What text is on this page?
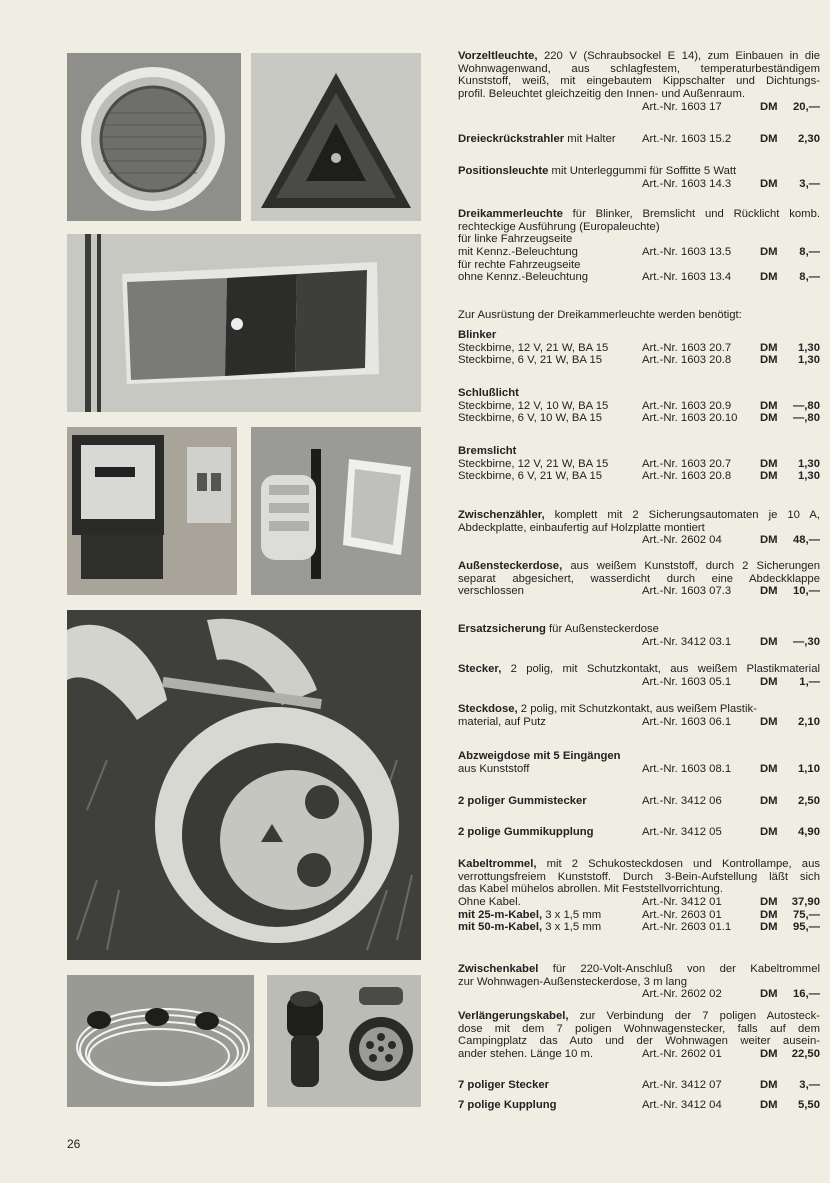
Vorzeltleuchte, 220 V (Schraubsockel E 14), zum Einbauen in die
Wohnwagenwand, aus schlagfestem, temperaturbeständigem
Kunststoff, weiß, mit eingebautem Kippschalter und Dichtungs-
profil. Beleuchtet gleichzeitig den Innen- und Außenraum.
Art.-Nr. 1603 17	DM 20,—
Dreieckrückstrahler mit Halter Art.-Nr. 1603 15.2	DM 2,30
Positionsleuchte mit Unterleggummi für Soffitte 5 Watt
Art.-Nr. 1603 14.3	DM 3,—
Dreikammerleuchte für Blinker, Bremslicht und Rücklicht komb.
rechteckige Ausführung (Europaleuchte)
für linke Fahrzeugseite
mit Kennz.-Beleuchtung	Art.-Nr. 1603 13.5	DM 8,—
für rechte Fahrzeugseite
ohne Kennz.-Beleuchtung	Art.-Nr. 1603 13.4	DM 8,—
Zur Ausrüstung der Dreikammerleuchte werden benötigt:
Blinker
Steckbirne, 12 V, 21 W, BA 15	Art.-Nr. 1603 20.7	DM 1,30
Steckbirne, 6 V, 21 W, BA 15	Art.-Nr. 1603 20.8	DM 1,30
Schlußlicht
Steckbirne, 12 V, 10 W, BA 15	Art.-Nr. 1603 20.9	DM —,80
Steckbirne, 6 V, 10 W, BA 15	Art.-Nr. 1603 20.10 DM —,80
Bremslicht
Steckbirne, 12 V, 21 W, BA 15	Art.-Nr. 1603 20.7	DM 1,30
Steckbirne, 6 V, 21 W, BA 15	Art.-Nr. 1603 20.8	DM 1,30
Zwischenzähler, komplett mit 2 Sicherungsautomaten je 10 A,
Abdeckplatte, einbaufertig auf Holzplatte montiert
Art.-Nr. 2602 04	DM 48,—
Außensteckerdose, aus weißem Kunststoff, durch 2 Sicherungen
separat abgesichert, wasserdicht durch eine Abdeckklappe
verschlossen	Art.-Nr. 1603 07.3	DM 10,—
Ersatzsicherung für Außensteckerdose
Art.-Nr. 3412 03.1	DM —,30
Stecker, 2 polig, mit Schutzkontakt, aus weißem Plastikmaterial
Art.-Nr. 1603 05.1	DM 1,—
Steckdose, 2 polig, mit Schutzkontakt, aus weißem Plastik-
material, auf Putz	Art.-Nr. 1603 06.1	DM 2,10
Abzweigdose mit 5 Eingängen
aus Kunststoff	Art.-Nr. 1603 08.1	DM 1,10
2 poliger Gummistecker	Art.-Nr. 3412 06	DM 2,50
2 polige Gummikupplung	Art.-Nr. 3412 05	DM 4,90
Kabeltrommel, mit 2 Schukosteckdosen und Kontrollampe, aus
verrottungsfreiem Kunststoff. Durch 3-Bein-Aufstellung läßt sich
das Kabel mühelos abrollen. Mit Feststellvorrichtung.
Ohne Kabel.	Art.-Nr. 3412 01	DM 37,90
mit 25-m-Kabel, 3 x 1,5 mm	Art.-Nr. 2603 01	DM 75,—
mit 50-m-Kabel, 3 x 1,5 mm	Art.-Nr. 2603 01.1	DM 95,—
Zwischenkabel für 220-Volt-Anschluß von der Kabeltrommel
zur Wohnwagen-Außensteckerdose, 3 m lang
Art.-Nr. 2602 02	DM 16,—
Verlängerungskabel, zur Verbindung der 7 poligen Autosteck-
dose mit dem 7 poligen Wohnwagenstecker, falls auf dem
Campingplatz das Auto und der Wohnwagen weiter ausein-
ander stehen. Länge 10 m.	Art.-Nr. 2602 01	DM 22,50
7 poliger Stecker	Art.-Nr. 3412 07	DM 3,—
7 polige Kupplung	Art.-Nr. 3412 04	DM 5,50
26
